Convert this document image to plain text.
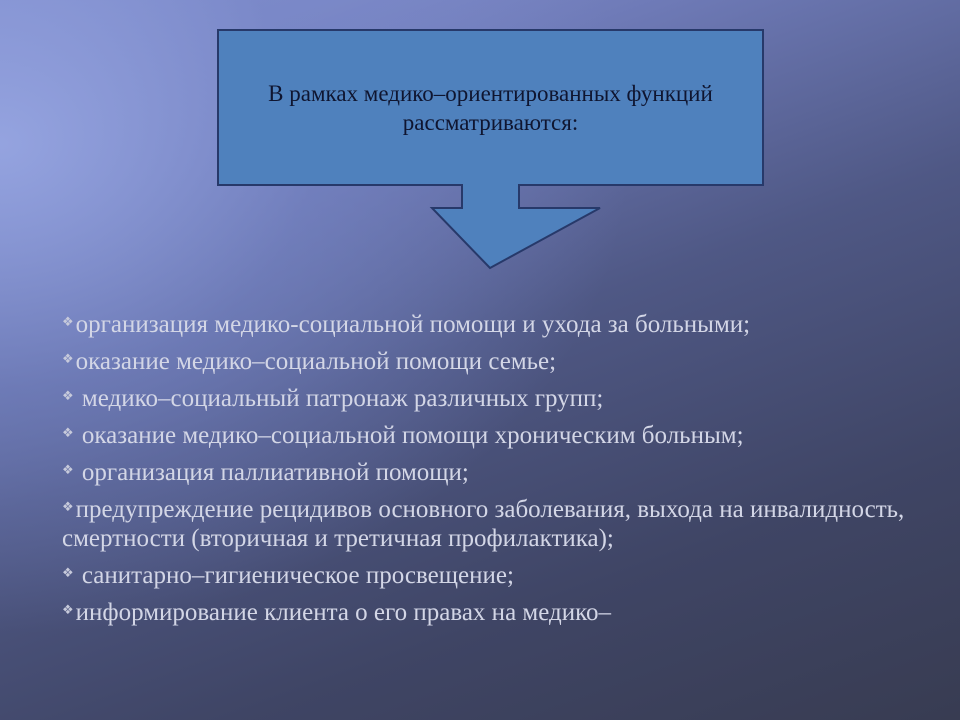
В рамках медико–ориентированных функций рассматриваются:
❖организация медико-социальной помощи и ухода за больными;
❖оказание медико–социальной помощи семье;
❖ медико–социальный патронаж различных групп;
❖ оказание медико–социальной помощи хроническим больным;
❖ организация паллиативной помощи;
❖предупреждение рецидивов основного заболевания, выхода на инвалидность, смертности (вторичная и третичная профилактика);
❖ санитарно–гигиеническое просвещение;
❖информирование клиента о его правах на медико–
